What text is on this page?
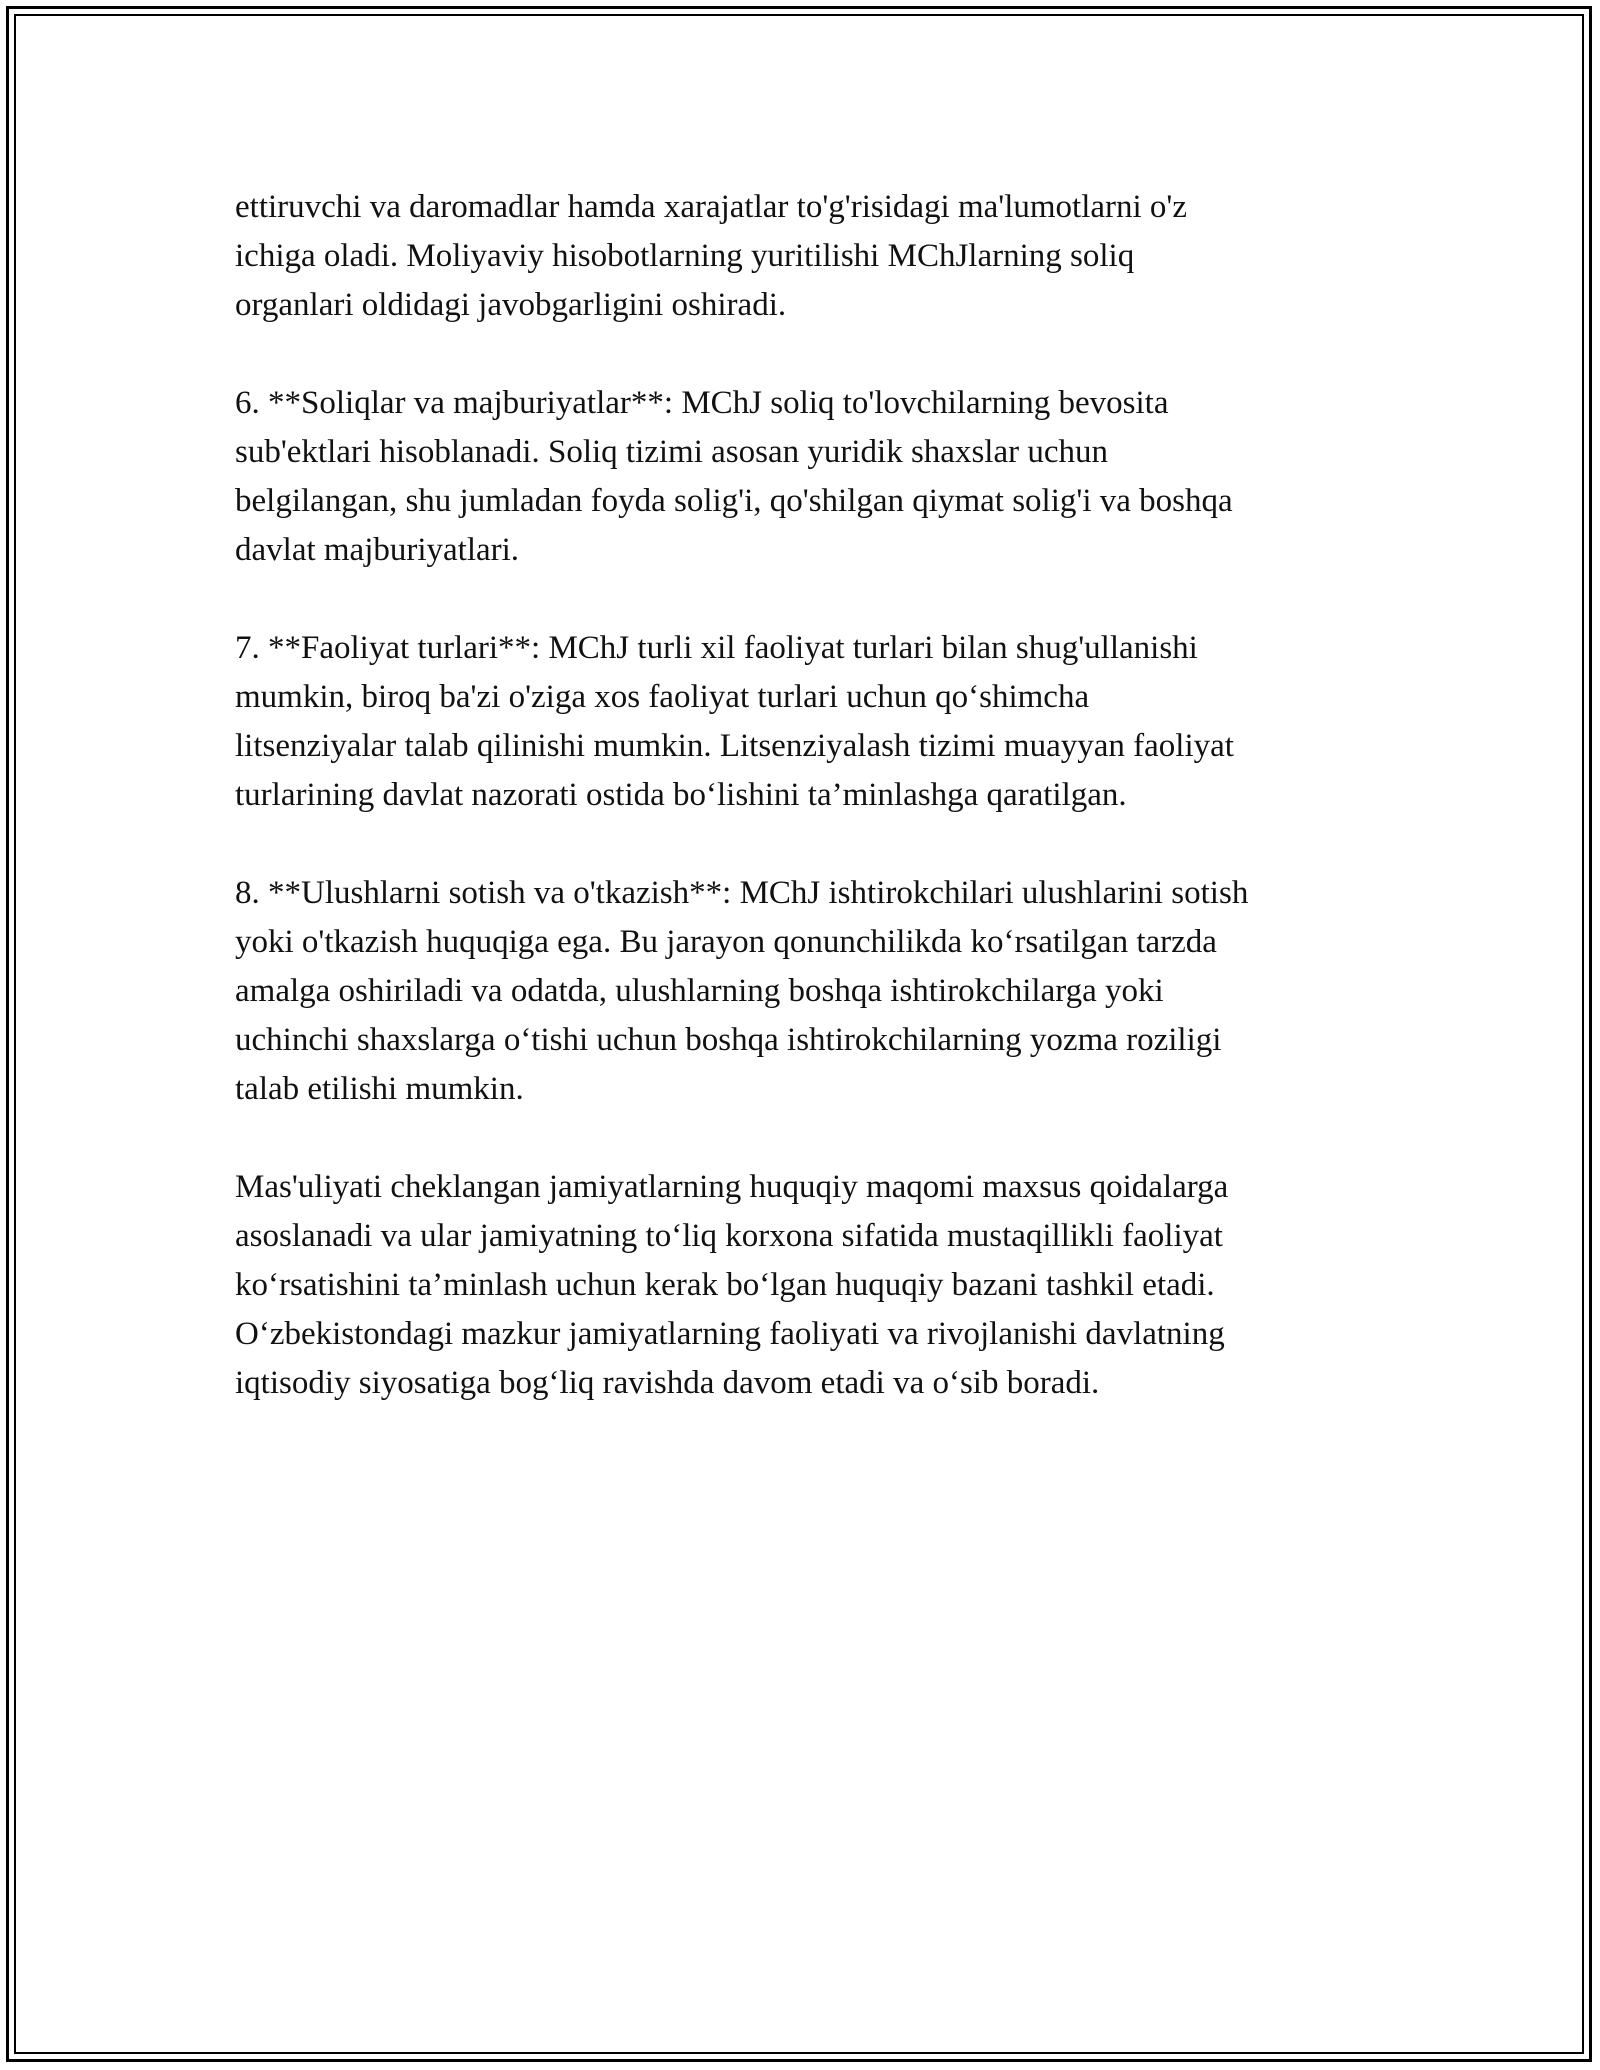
ettiruvchi va daromadlar hamda xarajatlar to'g'risidagi ma'lumotlarni o'z
ichiga oladi. Moliyaviy hisobotlarning yuritilishi MChJlarning soliq
organlari oldidagi javobgarligini oshiradi.

6. **Soliqlar va majburiyatlar**: MChJ soliq to'lovchilarning bevosita
sub'ektlari hisoblanadi. Soliq tizimi asosan yuridik shaxslar uchun
belgilangan, shu jumladan foyda solig'i, qo'shilgan qiymat solig'i va boshqa
davlat majburiyatlari.

7. **Faoliyat turlari**: MChJ turli xil faoliyat turlari bilan shug'ullanishi
mumkin, biroq ba'zi o'ziga xos faoliyat turlari uchun qo‘shimcha
litsenziyalar talab qilinishi mumkin. Litsenziyalash tizimi muayyan faoliyat
turlarining davlat nazorati ostida bo‘lishini ta’minlashga qaratilgan.

8. **Ulushlarni sotish va o'tkazish**: MChJ ishtirokchilari ulushlarini sotish
yoki o'tkazish huquqiga ega. Bu jarayon qonunchilikda ko‘rsatilgan tarzda
amalga oshiriladi va odatda, ulushlarning boshqa ishtirokchilarga yoki
uchinchi shaxslarga o‘tishi uchun boshqa ishtirokchilarning yozma roziligi
talab etilishi mumkin.

Mas'uliyati cheklangan jamiyatlarning huquqiy maqomi maxsus qoidalarga
asoslanadi va ular jamiyatning to‘liq korxona sifatida mustaqillikli faoliyat
ko‘rsatishini ta’minlash uchun kerak bo‘lgan huquqiy bazani tashkil etadi.
O‘zbekistondagi mazkur jamiyatlarning faoliyati va rivojlanishi davlatning
iqtisodiy siyosatiga bog‘liq ravishda davom etadi va o‘sib boradi.
